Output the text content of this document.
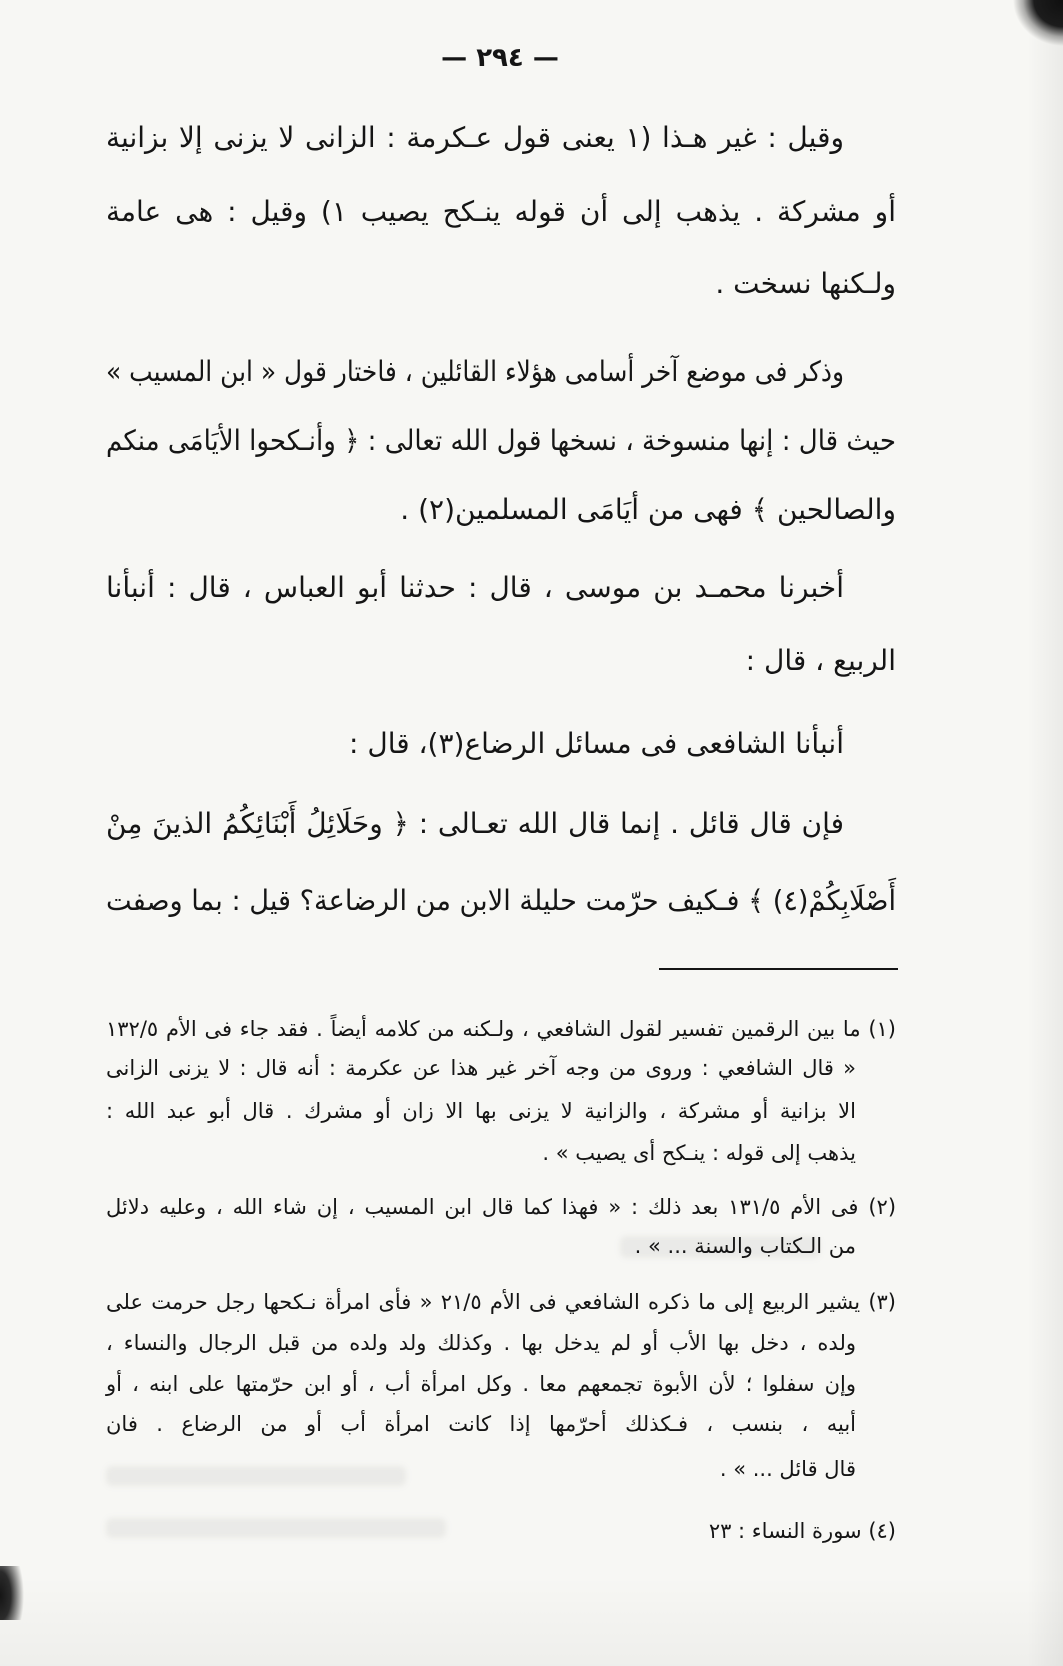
— ٢٩٤ —
وقيل : غير هـذا (١ يعنى قول عـكرمة : الزانى لا يزنى إلا بزانية
أو مشركة . يذهب إلى أن قوله ينـكح يصيب ١) وقيل : هى عامة
ولـكنها نسخت .
وذكر فى موضع آخر أسامى هؤلاء القائلين ، فاختار قول « ابن المسيب »
حيث قال : إنها منسوخة ، نسخها قول الله تعالى : ﴿ وأنـكحوا الأيَامَى منكم
والصالحين ﴾ فهى من أيَامَى المسلمين(٢) .
أخبرنا محمـد بن موسى ، قال : حدثنا أبو العباس ، قال : أنبأنا
الربيع ، قال :
أنبأنا الشافعى فى مسائل الرضاع(٣)، قال :
فإن قال قائل . إنما قال الله تعـالى : ﴿ وحَلَائِلُ أَبْنَائِكُمُ الذينَ مِنْ
أَصْلَابِكُمْ(٤) ﴾ فـكيف حرّمت حليلة الابن من الرضاعة؟ قيل : بما وصفت
(١) ما بين الرقمين تفسير لقول الشافعي ، ولـكنه من كلامه أيضاً . فقد جاء فى الأم ١٣٢/٥
« قال الشافعي : وروى من وجه آخر غير هذا عن عكرمة : أنه قال : لا يزنى الزانى
الا بزانية أو مشركة ، والزانية لا يزنى بها الا زان أو مشرك . قال أبو عبد الله :
يذهب إلى قوله : ينـكح أى يصيب » .
(٢) فى الأم ١٣١/٥ بعد ذلك : « فهذا كما قال ابن المسيب ، إن شاء الله ، وعليه دلائل
من الـكتاب والسنة ... » .
(٣) يشير الربيع إلى ما ذكره الشافعي فى الأم ٢١/٥ « فأى امرأة نـكحها رجل حرمت على
ولده ، دخل بها الأب أو لم يدخل بها . وكذلك ولد ولده من قبل الرجال والنساء ،
وإن سفلوا ؛ لأن الأبوة تجمعهم معا . وكل امرأة أب ، أو ابن حرّمتها على ابنه ، أو
أبيه ، بنسب ، فـكذلك أحرّمها إذا كانت امرأة أب أو من الرضاع . فان
قال قائل ... » .
(٤) سورة النساء : ٢٣
